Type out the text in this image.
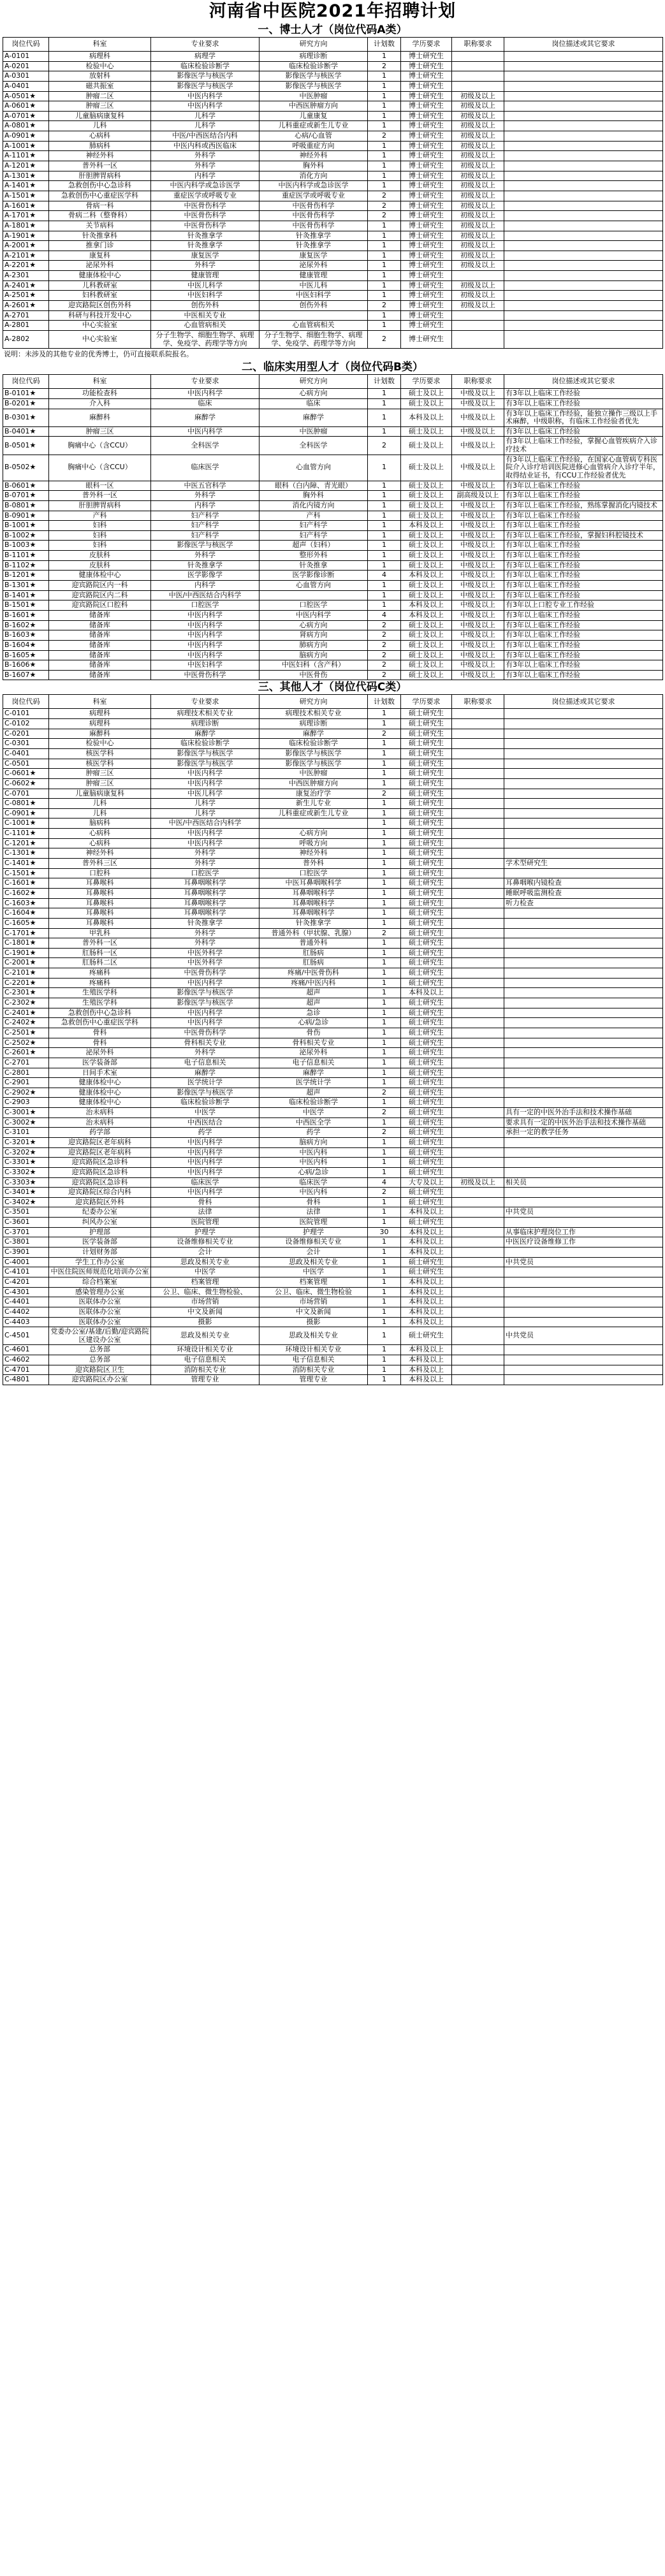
河南省中医院2021年招聘计划
一、博士人才（岗位代码A类）
岗位代码	科室	专业要求	研究方向	计划数	学历要求	职称要求	岗位描述或其它要求
A-0101	病理科	病理学	病理诊断	1	博士研究生		
A-0201	检验中心	临床检验诊断学	临床检验诊断学	2	博士研究生		
A-0301	放射科	影像医学与核医学	影像医学与核医学	1	博士研究生		
A-0401	磁共振室	影像医学与核医学	影像医学与核医学	1	博士研究生		
A-0501★	肿瘤二区	中医内科学	中医肿瘤	1	博士研究生	初级及以上	
A-0601★	肿瘤三区	中医内科学	中西医肿瘤方向	1	博士研究生	初级及以上	
A-0701★	儿童脑病康复科	儿科学	儿童康复	1	博士研究生	初级及以上	
A-0801★	儿科	儿科学	儿科重症或新生儿专业	1	博士研究生	初级及以上	
A-0901★	心病科	中医/中西医结合内科	心病/心血管	2	博士研究生	初级及以上	
A-1001★	肺病科	中医内科或西医临床	呼吸重症方向	1	博士研究生	初级及以上	
A-1101★	神经外科	外科学	神经外科	1	博士研究生	初级及以上	
A-1201★	普外科一区	外科学	胸外科	1	博士研究生	初级及以上	
A-1301★	肝胆脾胃病科	内科学	消化方向	1	博士研究生	初级及以上	
A-1401★	急救创伤中心急诊科	中医内科学或急诊医学	中医内科学或急诊医学	1	博士研究生	初级及以上	
A-1501★	急救创伤中心重症医学科	重症医学或呼吸专业	重症医学或呼吸专业	2	博士研究生	初级及以上	
A-1601★	骨病一科	中医骨伤科学	中医骨伤科学	2	博士研究生	初级及以上	
A-1701★	骨病二科（整脊科）	中医骨伤科学	中医骨伤科学	2	博士研究生	初级及以上	
A-1801★	关节病科	中医骨伤科学	中医骨伤科学	1	博士研究生	初级及以上	
A-1901★	针灸推拿科	针灸推拿学	针灸推拿学	1	博士研究生	初级及以上	
A-2001★	推拿门诊	针灸推拿学	针灸推拿学	1	博士研究生	初级及以上	
A-2101★	康复科	康复医学	康复医学	1	博士研究生	初级及以上	
A-2201★	泌尿外科	外科学	泌尿外科	1	博士研究生	初级及以上	
A-2301	健康体检中心	健康管理	健康管理	1	博士研究生		
A-2401★	儿科教研室	中医儿科学	中医儿科	1	博士研究生	初级及以上	
A-2501★	妇科教研室	中医妇科学	中医妇科学	1	博士研究生	初级及以上	
A-2601★	迎宾路院区创伤外科	创伤外科	创伤外科	2	博士研究生	初级及以上	
A-2701	科研与科技开发中心	中医相关专业		1	博士研究生		
A-2801	中心实验室	心血管病相关	心血管病相关	1	博士研究生		
A-2802	中心实验室	分子生物学、细胞生物学、病理学、免疫学、药理学等方向	分子生物学、细胞生物学、病理学、免疫学、药理学等方向	2	博士研究生		
说明：未涉及的其他专业的优秀博士，仍可直接联系院报名。
二、临床实用型人才（岗位代码B类）
岗位代码	科室	专业要求	研究方向	计划数	学历要求	职称要求	岗位描述或其它要求
B-0101★	功能检查科	中医内科学	心病方向	1	硕士及以上	中级及以上	有3年以上临床工作经验
B-0201★	介入科	临床	临床	1	硕士及以上	中级及以上	有3年以上临床工作经验
B-0301★	麻醉科	麻醉学	麻醉学	1	本科及以上	中级及以上	有3年以上临床工作经验，能独立操作三级以上手术麻醉，中级职称，有临床工作经验者优先
B-0401★	肿瘤三区	中医内科学	中医肿瘤	1	硕士及以上	中级及以上	有3年以上临床工作经验
B-0501★	胸痛中心（含CCU）	全科医学	全科医学	2	硕士及以上	中级及以上	有3年以上临床工作经验，掌握心血管疾病介入诊疗技术
B-0502★	胸痛中心（含CCU）	临床医学	心血管方向	1	硕士及以上	中级及以上	有3年以上临床工作经验，在国家心血管病专科医院介入诊疗培训医院进修心血管病介入诊疗半年，取得结业证书，有CCU工作经验者优先
B-0601★	眼科一区	中医五官科学	眼科（白内障、青光眼）	1	硕士及以上	中级及以上	有3年以上临床工作经验
B-0701★	普外科一区	外科学	胸外科	1	硕士及以上	副高级及以上	有3年以上临床工作经验
B-0801★	肝胆脾胃病科	内科学	消化内镜方向	1	硕士及以上	中级及以上	有3年以上临床工作经验，熟练掌握消化内镜技术
B-0901★	产科	妇产科学	产科	1	硕士及以上	中级及以上	有3年以上临床工作经验
B-1001★	妇科	妇产科学	妇产科学	1	本科及以上	中级及以上	有3年以上临床工作经验
B-1002★	妇科	妇产科学	妇产科学	1	硕士及以上	中级及以上	有3年以上临床工作经验，掌握妇科腔镜技术
B-1003★	妇科	影像医学与核医学	超声（妇科）	1	硕士及以上	中级及以上	有3年以上临床工作经验
B-1101★	皮肤科	外科学	整形外科	1	硕士及以上	中级及以上	有3年以上临床工作经验
B-1102★	皮肤科	针灸推拿学	针灸推拿	1	硕士及以上	中级及以上	有3年以上临床工作经验
B-1201★	健康体检中心	医学影像学	医学影像诊断	4	本科及以上	中级及以上	有3年以上临床工作经验
B-1301★	迎宾路院区内一科	内科学	心血管方向	1	硕士及以上	中级及以上	有3年以上临床工作经验
B-1401★	迎宾路院区内二科	中医/中西医结合内科学		1	硕士及以上	中级及以上	有3年以上临床工作经验
B-1501★	迎宾路院区口腔科	口腔医学	口腔医学	1	本科及以上	中级及以上	有3年以上口腔专业工作经验
B-1601★	储备库	中医内科学	中医内科学	4	本科及以上	中级及以上	有3年以上临床工作经验
B-1602★	储备库	中医内科学	心病方向	2	硕士及以上	中级及以上	有3年以上临床工作经验
B-1603★	储备库	中医内科学	肾病方向	2	硕士及以上	中级及以上	有3年以上临床工作经验
B-1604★	储备库	中医内科学	肺病方向	2	硕士及以上	中级及以上	有3年以上临床工作经验
B-1605★	储备库	中医内科学	脑病方向	2	硕士及以上	中级及以上	有3年以上临床工作经验
B-1606★	储备库	中医妇科学	中医妇科（含产科）	2	硕士及以上	中级及以上	有3年以上临床工作经验
B-1607★	储备库	中医骨伤科学	中医骨伤	2	硕士及以上	中级及以上	有3年以上临床工作经验
三、其他人才（岗位代码C类）
岗位代码	科室	专业要求	研究方向	计划数	学历要求	职称要求	岗位描述或其它要求
C-0101	病理科	病理技术相关专业	病理技术相关专业	1	硕士研究生		
C-0102	病理科	病理诊断	病理诊断	1	硕士研究生		
C-0201	麻醉科	麻醉学	麻醉学	2	硕士研究生		
C-0301	检验中心	临床检验诊断学	临床检验诊断学	1	硕士研究生		
C-0401	核医学科	影像医学与核医学	影像医学与核医学	1	硕士研究生		
C-0501	核医学科	影像医学与核医学	影像医学与核医学	1	硕士研究生		
C-0601★	肿瘤三区	中医内科学	中医肿瘤	1	硕士研究生		
C-0602★	肿瘤三区	中医内科学	中西医肿瘤方向	1	硕士研究生		
C-0701	儿童脑病康复科	中医儿科学	康复治疗学	2	硕士研究生		
C-0801★	儿科	儿科学	新生儿专业	1	硕士研究生		
C-0901★	儿科	儿科学	儿科重症或新生儿专业	1	硕士研究生		
C-1001★	脑病科	中医/中西医结合内科学		1	硕士研究生		
C-1101★	心病科	中医内科学	心病方向	1	硕士研究生		
C-1201★	心病科	中医内科学	呼吸方向	1	硕士研究生		
C-1301★	神经外科	外科学	神经外科	1	硕士研究生		
C-1401★	普外科三区	外科学	普外科	1	硕士研究生		学术型研究生
C-1501★	口腔科	口腔医学	口腔医学	1	硕士研究生		
C-1601★	耳鼻喉科	耳鼻咽喉科学	中医耳鼻咽喉科学	1	硕士研究生		耳鼻咽喉内镜检查
C-1602★	耳鼻喉科	耳鼻咽喉科学	耳鼻咽喉科学	1	硕士研究生		睡眠呼吸监测检查
C-1603★	耳鼻喉科	耳鼻咽喉科学	耳鼻咽喉科学	1	硕士研究生		听力检查
C-1604★	耳鼻喉科	耳鼻咽喉科学	耳鼻咽喉科学	1	硕士研究生		
C-1605★	耳鼻喉科	针灸推拿学	针灸推拿学	1	硕士研究生		
C-1701★	甲乳科	外科学	普通外科（甲状腺、乳腺）	2	硕士研究生		
C-1801★	普外科一区	外科学	普通外科	1	硕士研究生		
C-1901★	肛肠科一区	中医外科学	肛肠病	1	硕士研究生		
C-2001★	肛肠科二区	中医外科学	肛肠病	1	硕士研究生		
C-2101★	疼痛科	中医骨伤科学	疼痛/中医骨伤科	1	硕士研究生		
C-2201★	疼痛科	中医内科学	疼痛/中医内科	1	硕士研究生		
C-2301★	生殖医学科	影像医学与核医学	超声	1	本科及以上		
C-2302★	生殖医学科	影像医学与核医学	超声	1	硕士研究生		
C-2401★	急救创伤中心急诊科	中医内科学	急诊	1	硕士研究生		
C-2402★	急救创伤中心重症医学科	中医内科学	心病/急诊	1	硕士研究生		
C-2501★	骨科	中医骨伤科学	骨伤	1	硕士研究生		
C-2502★	骨科	骨科相关专业	骨科相关专业	1	硕士研究生		
C-2601★	泌尿外科	外科学	泌尿外科	1	硕士研究生		
C-2701	医学装备部	电子信息相关	电子信息相关	1	硕士研究生		
C-2801	日间手术室	麻醉学	麻醉学	1	硕士研究生		
C-2901	健康体检中心	医学统计学	医学统计学	1	硕士研究生		
C-2902★	健康体检中心	影像医学与核医学	超声	2	硕士研究生		
C-2903	健康体检中心	临床检验诊断学	临床检验诊断学	1	硕士研究生		
C-3001★	治未病科	中医学	中医学	2	硕士研究生		具有一定的中医外治手法和技术操作基础
C-3002★	治未病科	中西医结合	中西医全学	1	硕士研究生		要求具有一定的中医外治手法和技术操作基础
C-3101	药学部	药学	药学	2	硕士研究生		承担一定的教学任务
C-3201★	迎宾路院区老年病科	中医内科学	脑病方向	1	硕士研究生		
C-3202★	迎宾路院区老年病科	中医内科学	中医内科	1	硕士研究生		
C-3301★	迎宾路院区急诊科	中医内科学	中医内科	1	硕士研究生		
C-3302★	迎宾路院区急诊科	中医内科学	心病/急诊	1	硕士研究生		
C-3303★	迎宾路院区急诊科	临床医学	临床医学	4	大专及以上	初级及以上	相关员
C-3401★	迎宾路院区综合内科	中医内科学	中医内科	2	硕士研究生		
C-3402★	迎宾路院区外科	骨科	骨科	1	硕士研究生		
C-3501	纪委办公室	法律	法律	1	本科及以上		中共党员
C-3601	纠风办公室	医院管理	医院管理	1	硕士研究生		
C-3701	护理部	护理学	护理学	30	本科及以上		从事临床护理岗位工作
C-3801	医学装备部	设备维修相关专业	设备维修相关专业	1	本科及以上		中医医疗设备维修工作
C-3901	计划财务部	会计	会计	1	本科及以上		
C-4001	学生工作办公室	思政及相关专业	思政及相关专业	1	硕士研究生		中共党员
C-4101	中医住院医师规范化培训办公室	中医学	中医学	1	硕士研究生		
C-4201	综合档案室	档案管理	档案管理	1	本科及以上		
C-4301	感染管理办公室	公卫、临床、微生物检验、	公卫、临床、微生物检验	1	本科及以上		
C-4401	医联体办公室	市场营销	市场营销	1	本科及以上		
C-4402	医联体办公室	中文及新闻	中文及新闻	1	本科及以上		
C-4403	医联体办公室	摄影	摄影	1	本科及以上		
C-4501	党委办公室/基建/后勤/迎宾路院区建设办公室	思政及相关专业	思政及相关专业	1	硕士研究生		中共党员
C-4601	总务部	环境设计相关专业	环境设计相关专业	1	本科及以上		
C-4602	总务部	电子信息相关	电子信息相关	1	本科及以上		
C-4701	迎宾路院区卫生	消防相关专业	消防相关专业	1	本科及以上		
C-4801	迎宾路院区办公室	管理专业	管理专业	1	本科及以上		
